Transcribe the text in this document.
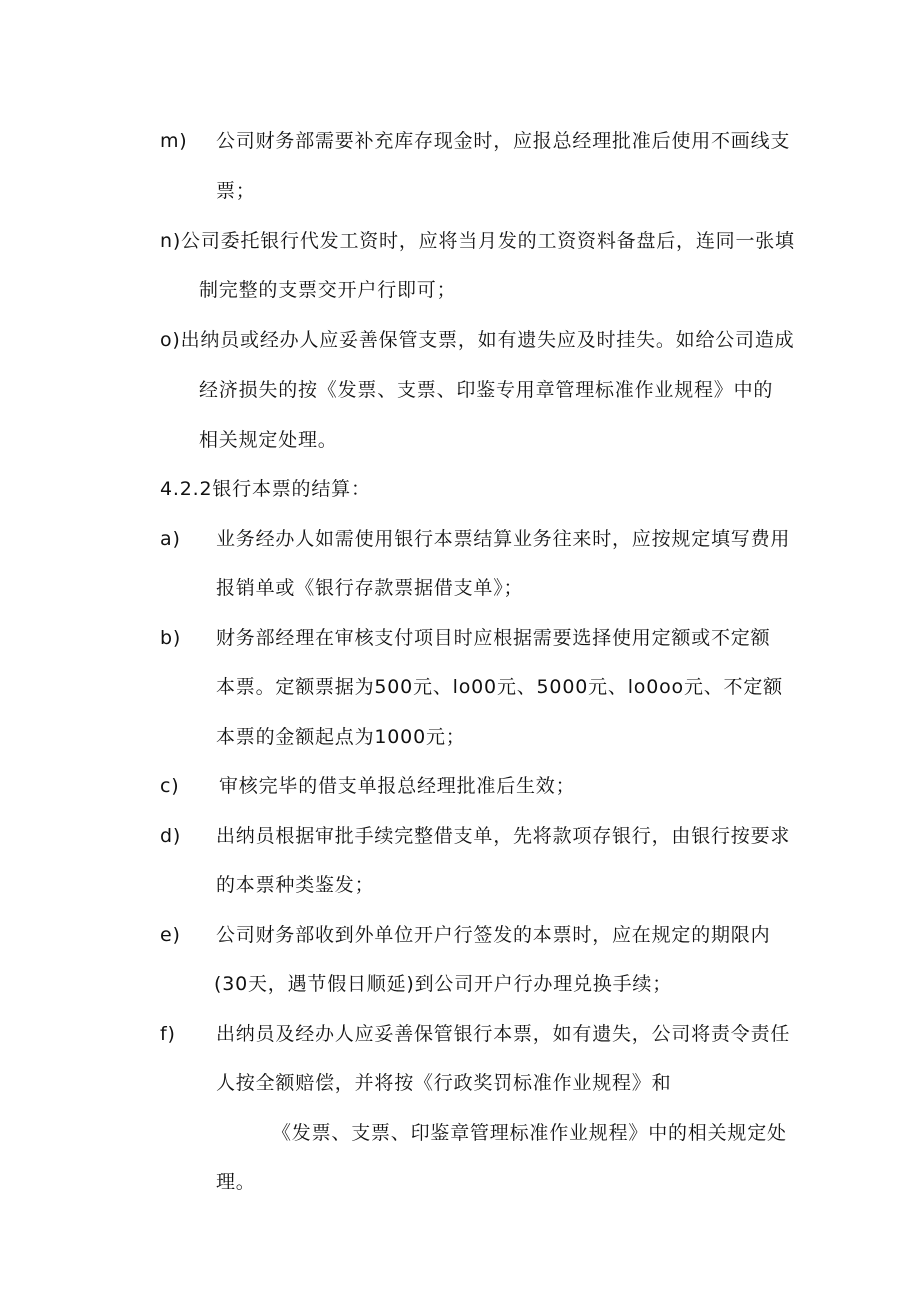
m) 公司财务部需要补充库存现金时，应报总经理批准后使用不画线支
票；
n)公司委托银行代发工资时，应将当月发的工资资料备盘后，连同一张填
制完整的支票交开户行即可；
o)出纳员或经办人应妥善保管支票，如有遗失应及时挂失。如给公司造成
经济损失的按《发票、支票、印鉴专用章管理标准作业规程》中的
相关规定处理。
4.2.2银行本票的结算：
a) 业务经办人如需使用银行本票结算业务往来时，应按规定填写费用
报销单或《银行存款票据借支单》；
b) 财务部经理在审核支付项目时应根据需要选择使用定额或不定额
本票。定额票据为500元、lo00元、5000元、lo0oo元、不定额
本票的金额起点为1000元；
c) 审核完毕的借支单报总经理批准后生效；
d) 出纳员根据审批手续完整借支单，先将款项存银行，由银行按要求
的本票种类鉴发；
e) 公司财务部收到外单位开户行签发的本票时，应在规定的期限内
(30天，遇节假日顺延)到公司开户行办理兑换手续；
f) 出纳员及经办人应妥善保管银行本票，如有遗失，公司将责令责任
人按全额赔偿，并将按《行政奖罚标准作业规程》和
《发票、支票、印鉴章管理标准作业规程》中的相关规定处
理。
